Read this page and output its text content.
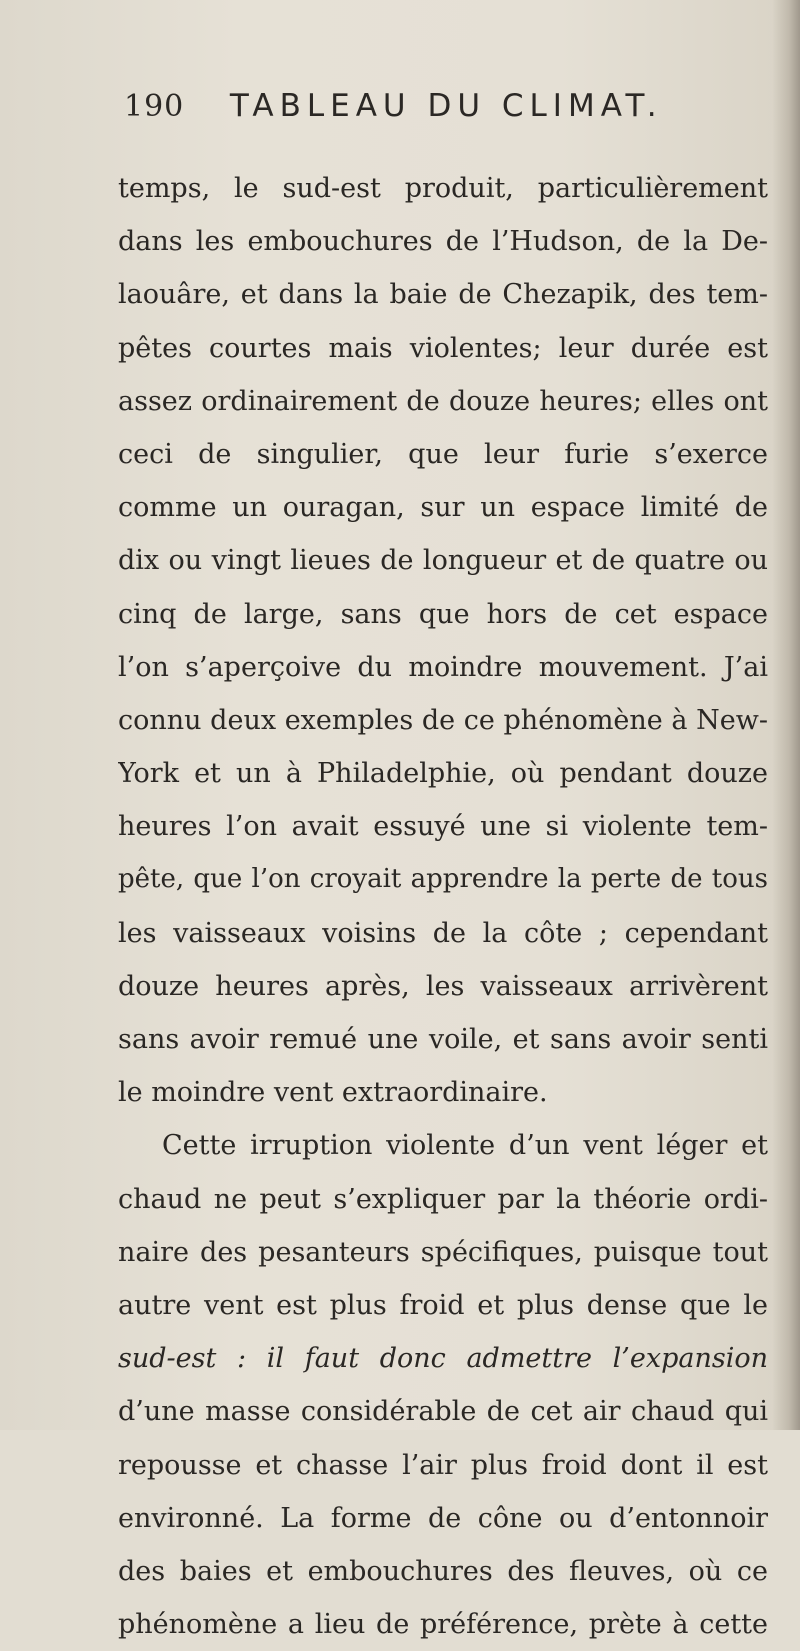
190 TABLEAU DU CLIMAT.
temps, le sud-est produit, particulièrement
dans les embouchures de l’Hudson, de la De-
laouâre, et dans la baie de Chezapik, des tem-
pêtes courtes mais violentes; leur durée est
assez ordinairement de douze heures; elles ont
ceci de singulier, que leur furie s’exerce
comme un ouragan, sur un espace limité de
dix ou vingt lieues de longueur et de quatre ou
cinq de large, sans que hors de cet espace
l’on s’aperçoive du moindre mouvement. J’ai
connu deux exemples de ce phénomène à New-
York et un à Philadelphie, où pendant douze
heures l’on avait essuyé une si violente tem-
pête, que l’on croyait apprendre la perte de tous
les vaisseaux voisins de la côte ; cependant
douze heures après, les vaisseaux arrivèrent
sans avoir remué une voile, et sans avoir senti
le moindre vent extraordinaire.
Cette irruption violente d’un vent léger et
chaud ne peut s’expliquer par la théorie ordi-
naire des pesanteurs spécifiques, puisque tout
autre vent est plus froid et plus dense que le
sud-est : il faut donc admettre l’expansion
d’une masse considérable de cet air chaud qui
repousse et chasse l’air plus froid dont il est
environné. La forme de cône ou d’entonnoir
des baies et embouchures des fleuves, où ce
phénomène a lieu de préférence, prète à cette
